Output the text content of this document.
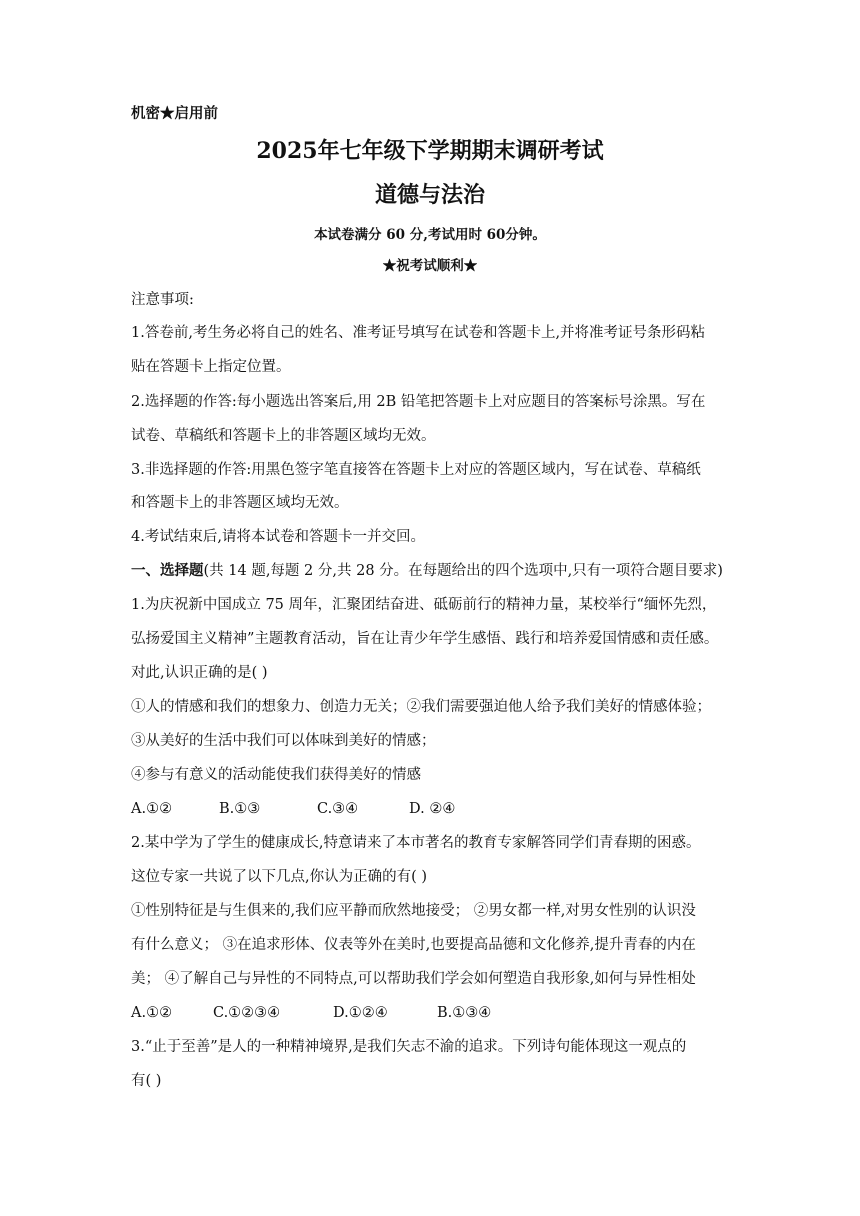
机密★启用前
2025年七年级下学期期末调研考试
道德与法治
本试卷满分 60 分,考试用时 60分钟。
★祝考试顺利★
注意事项:
1.答卷前,考生务必将自己的姓名、准考证号填写在试卷和答题卡上,并将准考证号条形码粘
贴在答题卡上指定位置。
2.选择题的作答:每小题选出答案后,用 2B 铅笔把答题卡上对应题目的答案标号涂黑。写在
试卷、草稿纸和答题卡上的非答题区域均无效。
3.非选择题的作答:用黑色签字笔直接答在答题卡上对应的答题区域内，写在试卷、草稿纸
和答题卡上的非答题区域均无效。
4.考试结束后,请将本试卷和答题卡一并交回。
一、选择题(共 14 题,每题 2 分,共 28 分。在每题给出的四个选项中,只有一项符合题目要求)
1.为庆祝新中国成立 75 周年，汇聚团结奋进、砥砺前行的精神力量，某校举行“缅怀先烈，
弘扬爱国主义精神”主题教育活动，旨在让青少年学生感悟、践行和培养爱国情感和责任感。
对此,认识正确的是( )
①人的情感和我们的想象力、创造力无关；②我们需要强迫他人给予我们美好的情感体验；
③从美好的生活中我们可以体味到美好的情感；
④参与有意义的活动能使我们获得美好的情感
A.①②	B.①③	C.③④	D. ②④
2.某中学为了学生的健康成长,特意请来了本市著名的教育专家解答同学们青春期的困惑。
这位专家一共说了以下几点,你认为正确的有( )
①性别特征是与生俱来的,我们应平静而欣然地接受； ②男女都一样,对男女性别的认识没
有什么意义； ③在追求形体、仪表等外在美时,也要提高品德和文化修养,提升青春的内在
美； ④了解自己与异性的不同特点,可以帮助我们学会如何塑造自我形象,如何与异性相处
A.①②	C.①②③④	D.①②④	B.①③④
3.“止于至善”是人的一种精神境界,是我们矢志不渝的追求。下列诗句能体现这一观点的
有( )
